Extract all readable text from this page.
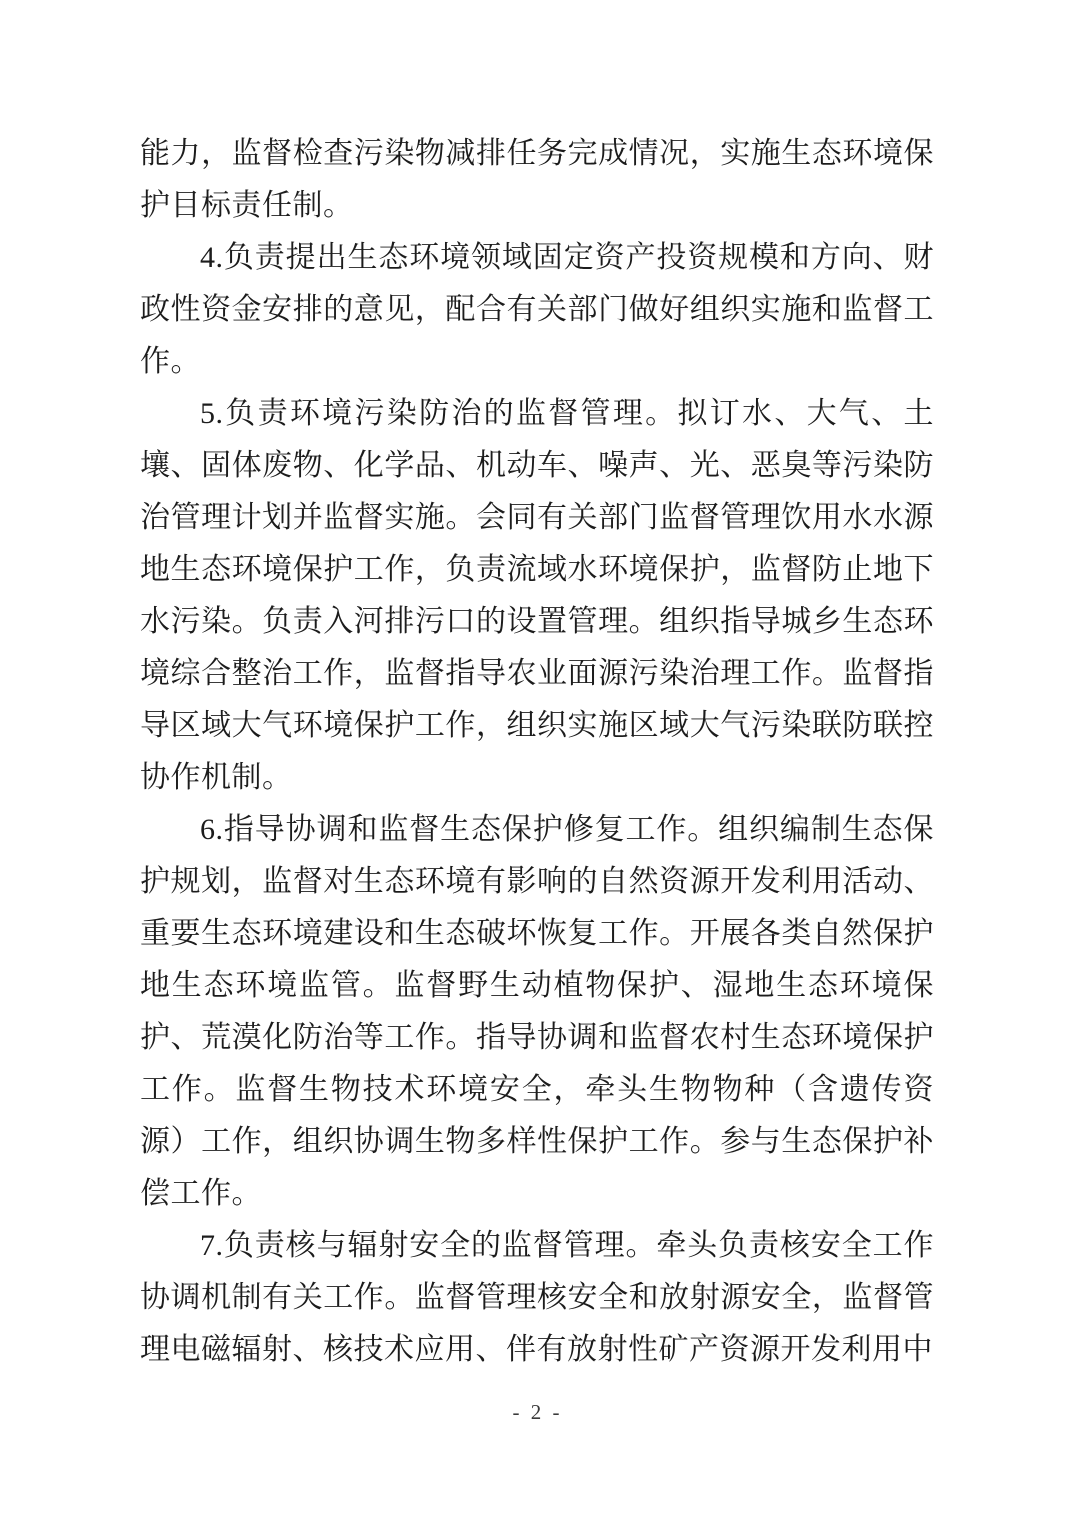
能力，监督检查污染物减排任务完成情况，实施生态环境保护目标责任制。

4.负责提出生态环境领域固定资产投资规模和方向、财政性资金安排的意见，配合有关部门做好组织实施和监督工作。

5.负责环境污染防治的监督管理。拟订水、大气、土壤、固体废物、化学品、机动车、噪声、光、恶臭等污染防治管理计划并监督实施。会同有关部门监督管理饮用水水源地生态环境保护工作，负责流域水环境保护，监督防止地下水污染。负责入河排污口的设置管理。组织指导城乡生态环境综合整治工作，监督指导农业面源污染治理工作。监督指导区域大气环境保护工作，组织实施区域大气污染联防联控协作机制。

6.指导协调和监督生态保护修复工作。组织编制生态保护规划，监督对生态环境有影响的自然资源开发利用活动、重要生态环境建设和生态破坏恢复工作。开展各类自然保护地生态环境监管。监督野生动植物保护、湿地生态环境保护、荒漠化防治等工作。指导协调和监督农村生态环境保护工作。监督生物技术环境安全，牵头生物物种（含遗传资源）工作，组织协调生物多样性保护工作。参与生态保护补偿工作。

7.负责核与辐射安全的监督管理。牵头负责核安全工作协调机制有关工作。监督管理核安全和放射源安全，监督管理电磁辐射、核技术应用、伴有放射性矿产资源开发利用中

- 2 -
